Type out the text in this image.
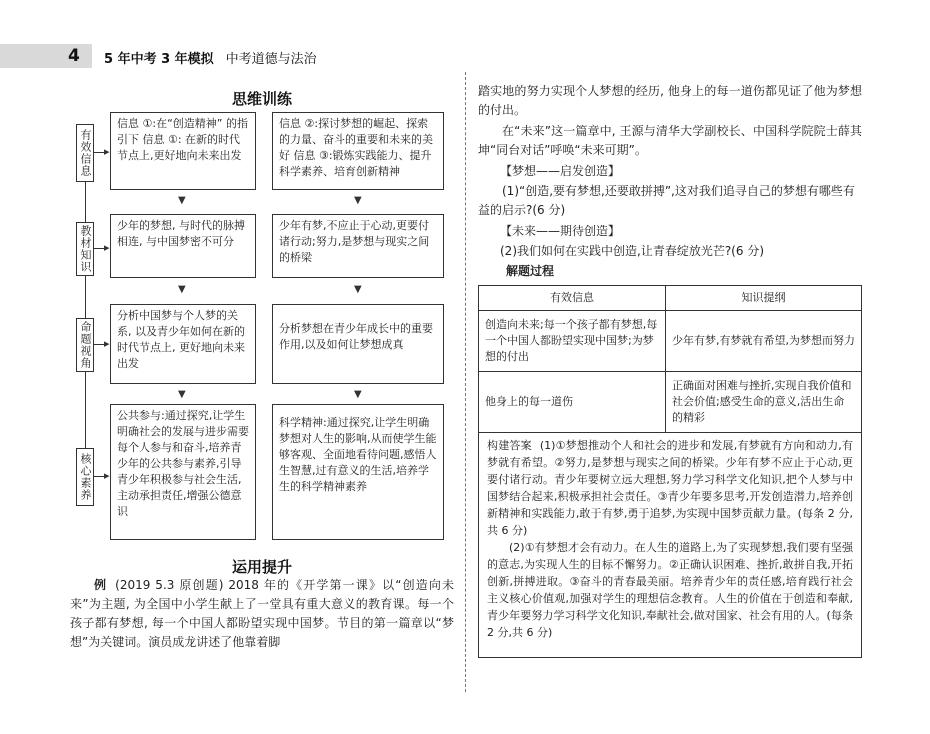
4 5 年中考 3 年模拟 中考道德与法治
思维训练
有效信息 ▸
信息 ①:在“创造精神” 的指引下 信息 ①: 在新的时代节点上,更好地向未来出发
信息 ②:探讨梦想的崛起、探索的力量、奋斗的重要和未来的美好 信息 ③:锻炼实践能力、提升科学素养、培育创新精神
▼	▼
教材知识 ▸
少年的梦想, 与时代的脉搏相连, 与中国梦密不可分
少年有梦,不应止于心动,更要付诸行动;努力,是梦想与现实之间的桥梁
▼	▼
命题视角 ▸
分析中国梦与个人梦的关系, 以及青少年如何在新的时代节点上, 更好地向未来出发
分析梦想在青少年成长中的重要作用,以及如何让梦想成真
▼	▼
核心素养 ▸
公共参与:通过探究,让学生明确社会的发展与进步需要每个人参与和奋斗,培养青少年的公共参与素养,引导青少年积极参与社会生活,主动承担责任,增强公德意识
科学精神:通过探究,让学生明确梦想对人生的影响,从而使学生能够客观、全面地看待问题,感悟人生智慧,过有意义的生活,培养学生的科学精神素养
运用提升
例 (2019 5.3 原创题) 2018 年的《开学第一课》以“创造向未来”为主题, 为全国中小学生献上了一堂具有重大意义的教育课。每一个孩子都有梦想, 每一个中国人都盼望实现中国梦。节目的第一篇章以“梦想”为关键词。演员成龙讲述了他靠着脚
踏实地的努力实现个人梦想的经历, 他身上的每一道伤都见证了他为梦想的付出。
在“未来”这一篇章中, 王源与清华大学副校长、中国科学院院士薛其坤“同台对话”呼唤“未来可期”。
【梦想——启发创造】
(1)“创造,要有梦想,还要敢拼搏”,这对我们追寻自己的梦想有哪些有益的启示?(6 分)
【未来——期待创造】
(2)我们如何在实践中创造,让青春绽放光芒?(6 分)
解题过程
有效信息	知识提纲
创造向未来;每一个孩子都有梦想,每一个中国人都盼望实现中国梦;为梦想的付出	少年有梦,有梦就有希望,为梦想而努力
他身上的每一道伤	正确面对困难与挫折,实现自我价值和社会价值;感受生命的意义,活出生命的精彩
构建答案 (1)①梦想推动个人和社会的进步和发展,有梦就有方向和动力,有梦就有希望。②努力,是梦想与现实之间的桥梁。少年有梦不应止于心动,更要付诸行动。青少年要树立远大理想,努力学习科学文化知识,把个人梦与中国梦结合起来,积极承担社会责任。③青少年要多思考,开发创造潜力,培养创新精神和实践能力,敢于有梦,勇于追梦,为实现中国梦贡献力量。(每条 2 分,共 6 分)
(2)①有梦想才会有动力。在人生的道路上,为了实现梦想,我们要有坚强的意志,为实现人生的目标不懈努力。②正确认识困难、挫折,敢拼自我,开拓创新,拼搏进取。③奋斗的青春最美丽。培养青少年的责任感,培育践行社会主义核心价值观,加强对学生的理想信念教育。人生的价值在于创造和奉献,青少年要努力学习科学文化知识,奉献社会,做对国家、社会有用的人。(每条 2 分,共 6 分)
